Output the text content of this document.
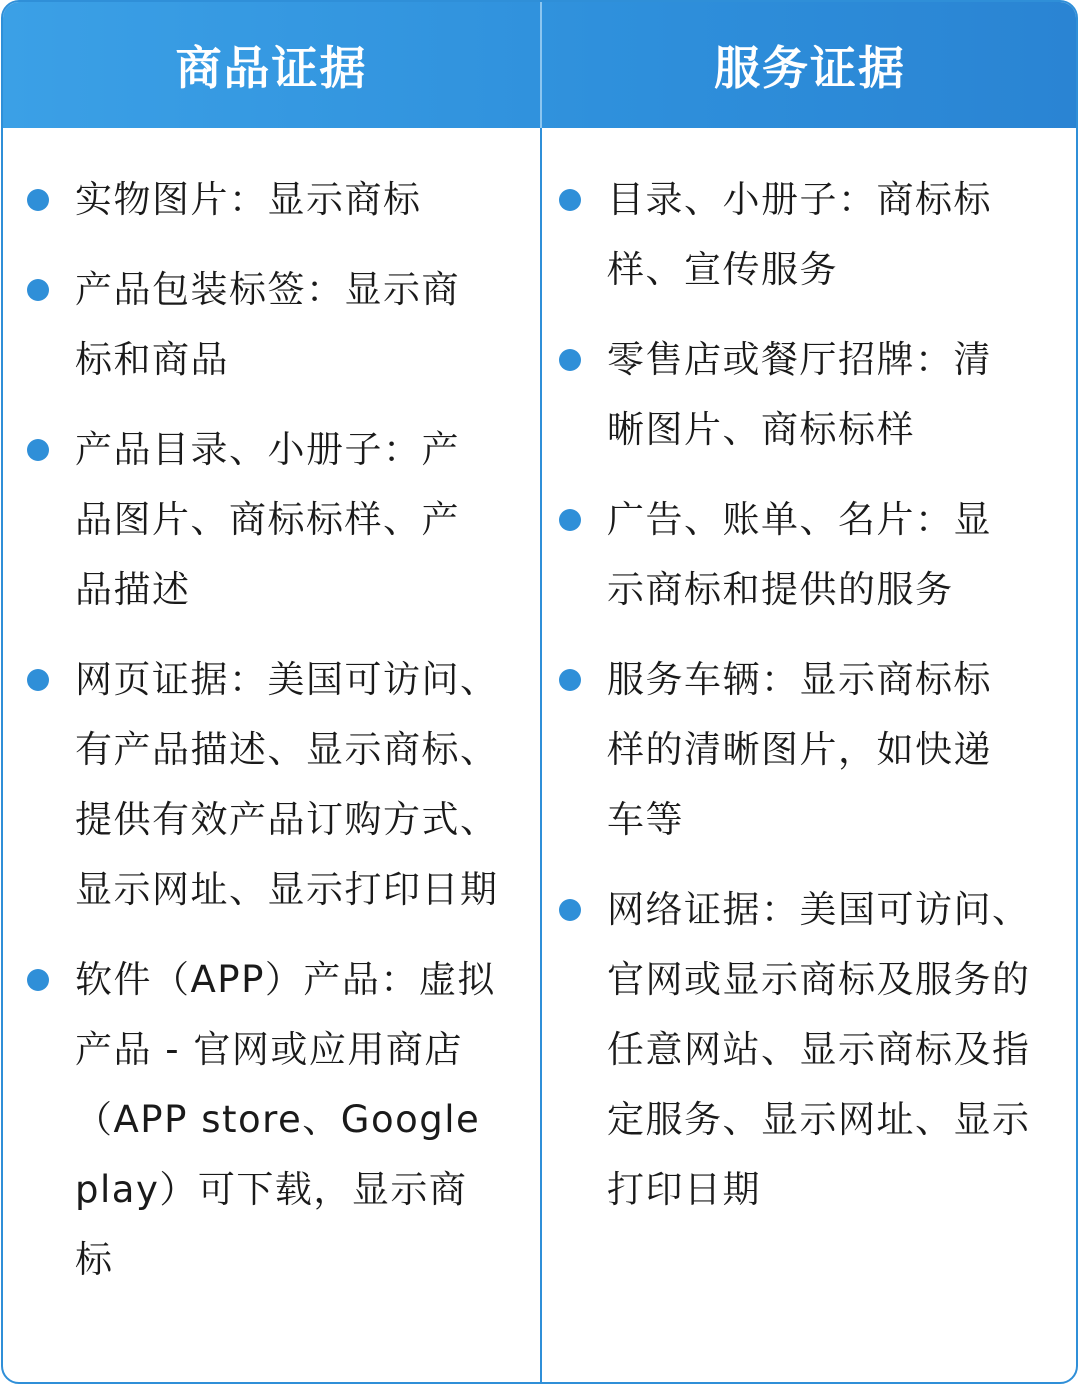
商品证据	服务证据
实物图片：显示商标
产品包装标签：显示商标和商品
产品目录、小册子：产品图片、商标标样、产品描述
网页证据：美国可访问、有产品描述、显示商标、提供有效产品订购方式、显示网址、显示打印日期
软件（APP）产品：虚拟产品 - 官网或应用商店（APP store、Google play）可下载，显示商标
目录、小册子：商标标样、宣传服务
零售店或餐厅招牌：清晰图片、商标标样
广告、账单、名片：显示商标和提供的服务
服务车辆：显示商标标样的清晰图片，如快递车等
网络证据：美国可访问、官网或显示商标及服务的任意网站、显示商标及指定服务、显示网址、显示打印日期
